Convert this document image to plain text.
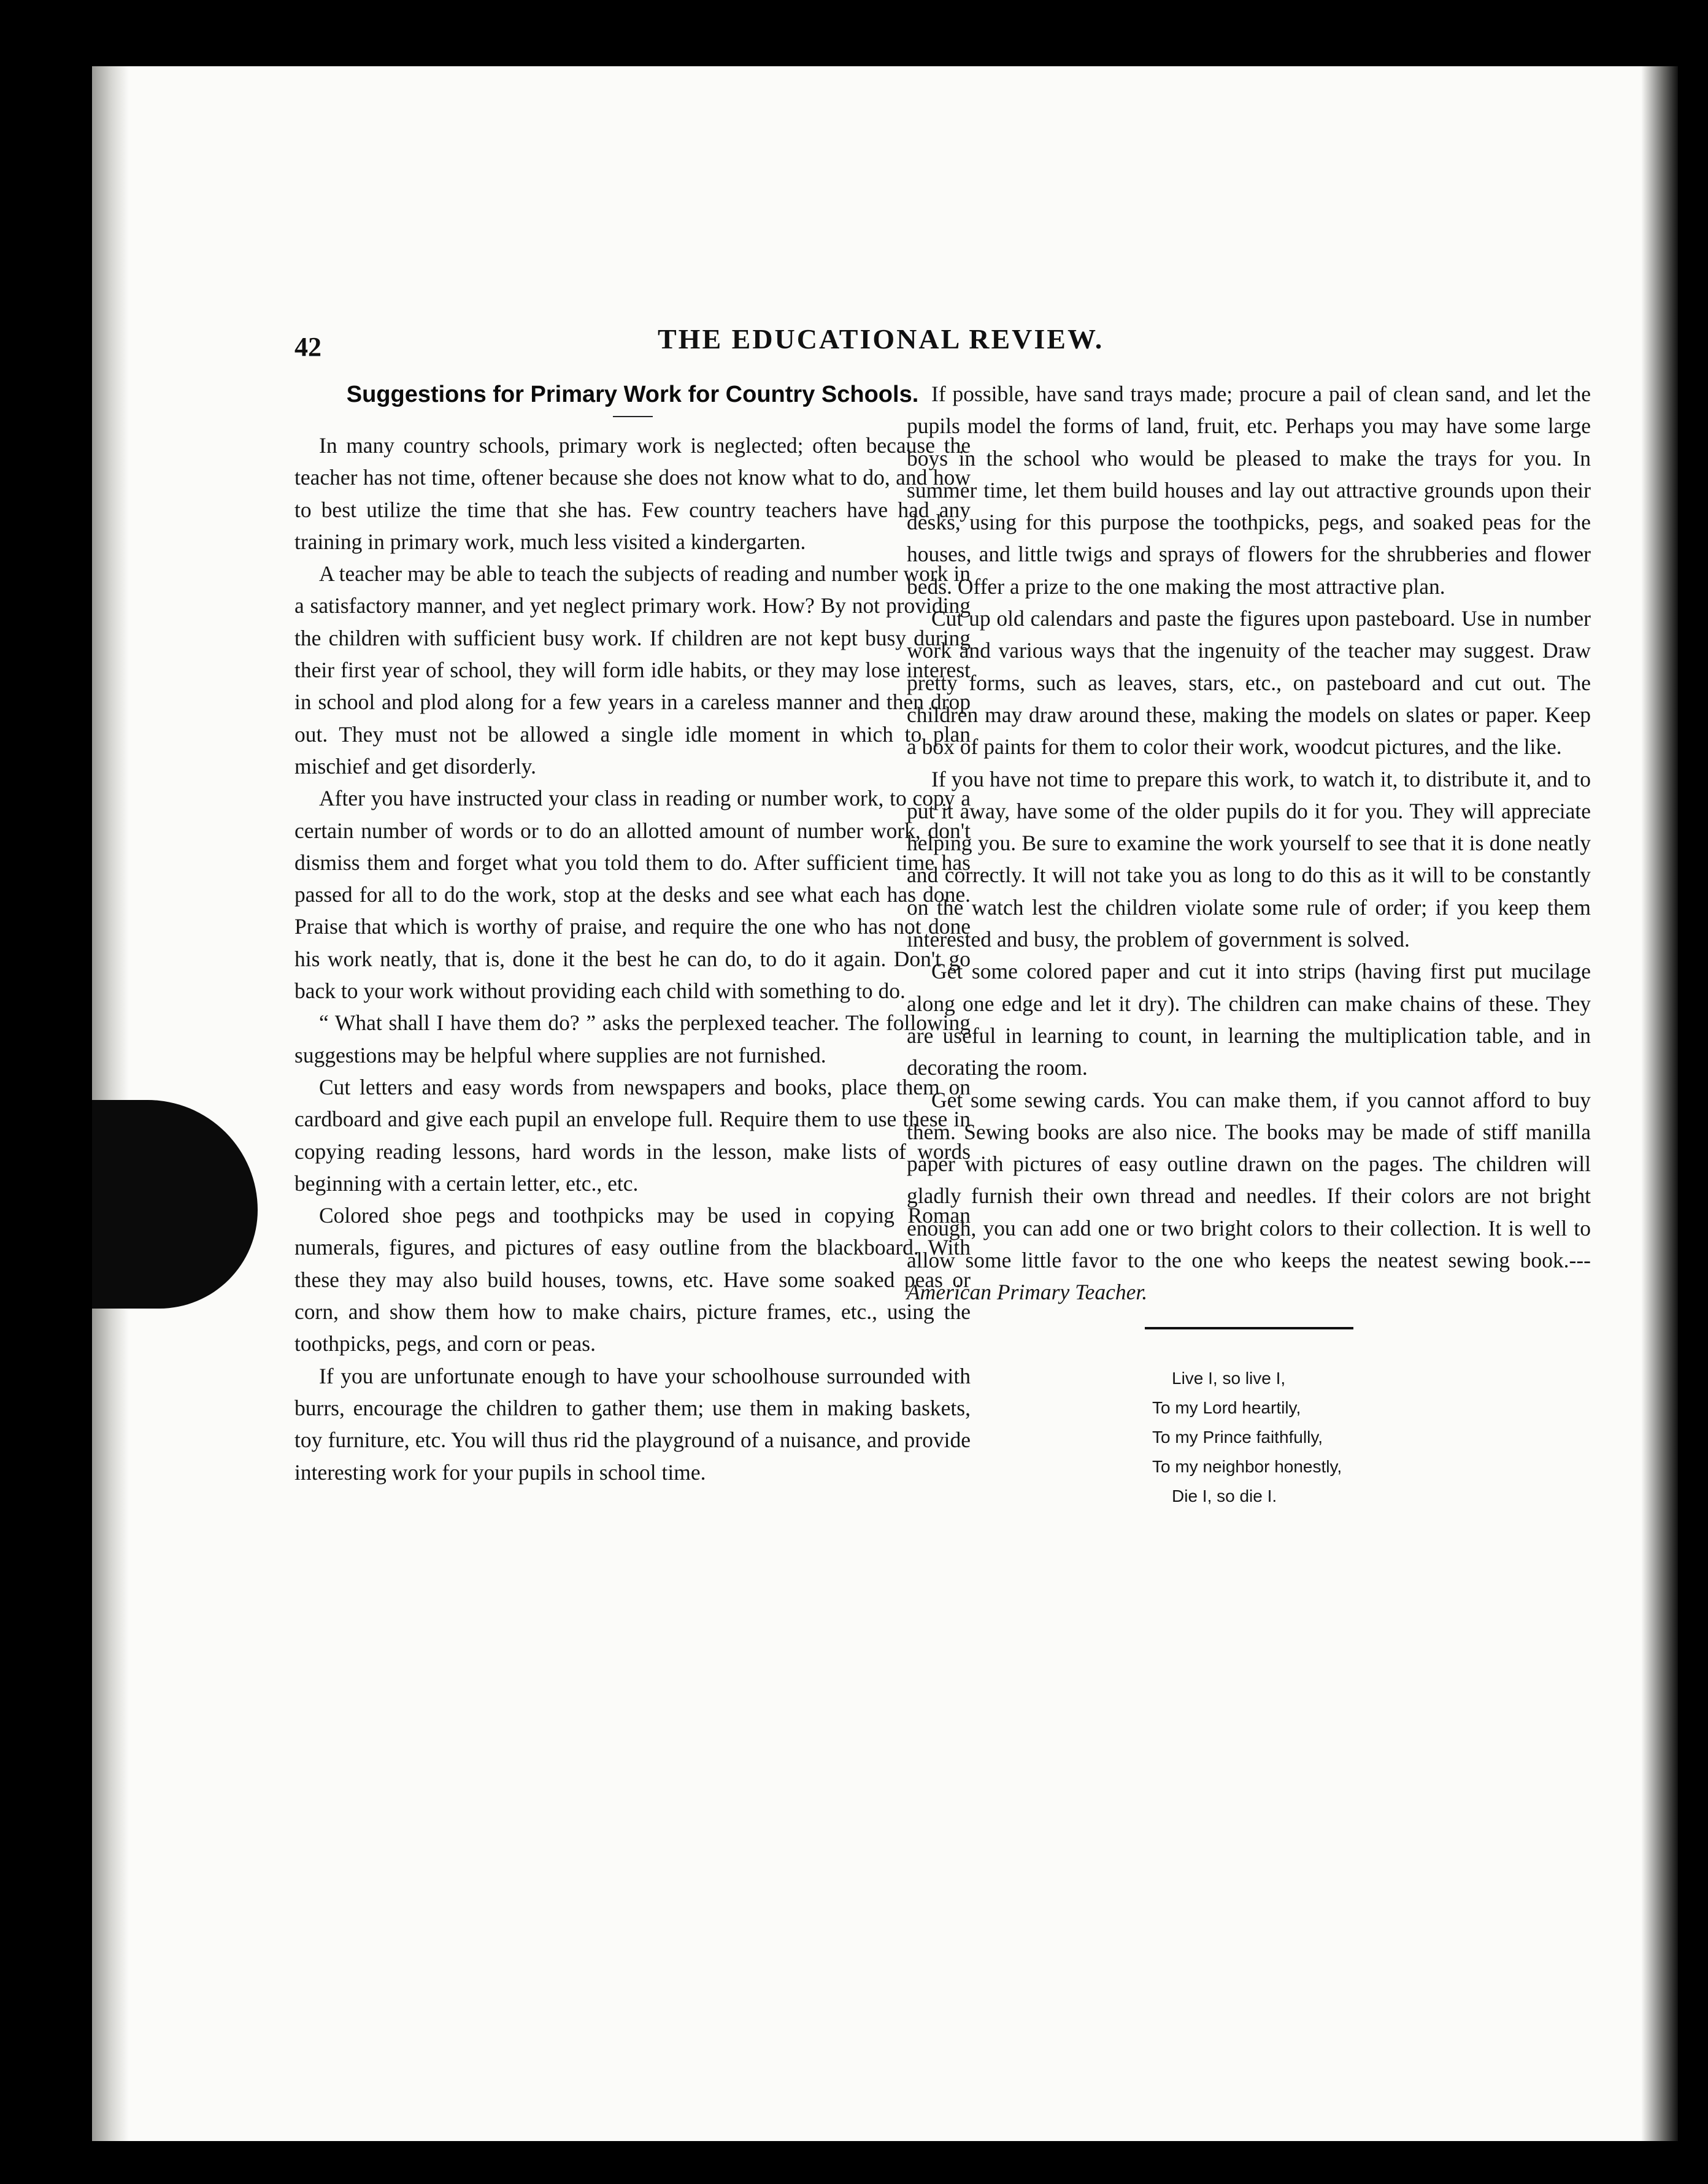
42	THE EDUCATIONAL REVIEW.
Suggestions for Primary Work for Country Schools.

In many country schools, primary work is neglected; often because the teacher has not time, oftener because she does not know what to do, and how to best utilize the time that she has. Few country teachers have had any training in primary work, much less visited a kindergarten.

A teacher may be able to teach the subjects of reading and number work in a satisfactory manner, and yet neglect primary work. How? By not providing the children with sufficient busy work. If children are not kept busy during their first year of school, they will form idle habits, or they may lose interest in school and plod along for a few years in a careless manner and then drop out. They must not be allowed a single idle moment in which to plan mischief and get disorderly.

After you have instructed your class in reading or number work, to copy a certain number of words or to do an allotted amount of number work, don't dismiss them and forget what you told them to do. After sufficient time has passed for all to do the work, stop at the desks and see what each has done. Praise that which is worthy of praise, and require the one who has not done his work neatly, that is, done it the best he can do, to do it again. Don't go back to your work without providing each child with something to do.

“ What shall I have them do? ” asks the perplexed teacher. The following suggestions may be helpful where supplies are not furnished.

Cut letters and easy words from newspapers and books, place them on cardboard and give each pupil an envelope full. Require them to use these in copying reading lessons, hard words in the lesson, make lists of words beginning with a certain letter, etc., etc.

Colored shoe pegs and toothpicks may be used in copying Roman numerals, figures, and pictures of easy outline from the blackboard. With these they may also build houses, towns, etc. Have some soaked peas or corn, and show them how to make chairs, picture frames, etc., using the toothpicks, pegs, and corn or peas.

If you are unfortunate enough to have your schoolhouse surrounded with burrs, encourage the children to gather them; use them in making baskets, toy furniture, etc. You will thus rid the playground of a nuisance, and provide interesting work for your pupils in school time.

If possible, have sand trays made; procure a pail of clean sand, and let the pupils model the forms of land, fruit, etc. Perhaps you may have some large boys in the school who would be pleased to make the trays for you. In summer time, let them build houses and lay out attractive grounds upon their desks, using for this purpose the toothpicks, pegs, and soaked peas for the houses, and little twigs and sprays of flowers for the shrubberies and flower beds. Offer a prize to the one making the most attractive plan.

Cut up old calendars and paste the figures upon pasteboard. Use in number work and various ways that the ingenuity of the teacher may suggest. Draw pretty forms, such as leaves, stars, etc., on pasteboard and cut out. The children may draw around these, making the models on slates or paper. Keep a box of paints for them to color their work, woodcut pictures, and the like.

If you have not time to prepare this work, to watch it, to distribute it, and to put it away, have some of the older pupils do it for you. They will appreciate helping you. Be sure to examine the work yourself to see that it is done neatly and correctly. It will not take you as long to do this as it will to be constantly on the watch lest the children violate some rule of order; if you keep them interested and busy, the problem of government is solved.

Get some colored paper and cut it into strips (having first put mucilage along one edge and let it dry). The children can make chains of these. They are useful in learning to count, in learning the multiplication table, and in decorating the room.

Get some sewing cards. You can make them, if you cannot afford to buy them. Sewing books are also nice. The books may be made of stiff manilla paper with pictures of easy outline drawn on the pages. The children will gladly furnish their own thread and needles. If their colors are not bright enough, you can add one or two bright colors to their collection. It is well to allow some little favor to the one who keeps the neatest sewing book.---American Primary Teacher.

Live I, so live I,
To my Lord heartily,
To my Prince faithfully,
To my neighbor honestly,
Die I, so die I.
